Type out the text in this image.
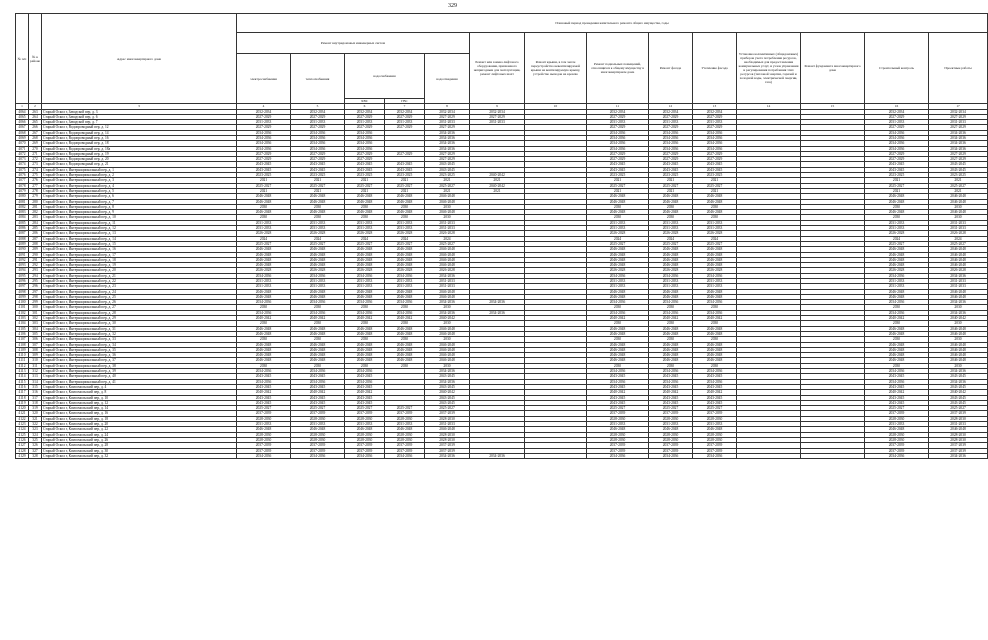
329
№ п/п	№ в районе	Адрес многоквартирного дома	Плановый период проведения капитального ремонта общего имущества, годы													
			Ремонт внутридомовых инженерных систем					Ремонт или замена лифтового оборудования, признанного непригодным для эксплуатации, ремонт лифтовых шахт	Ремонт крыши, в том числе переустройство невентилируемой крыши на вентилируемую крышу, устройство выходов на кровлю	Ремонт подвальных помещений, относящихся к общему имуществу в многоквартирном доме	Ремонт фасада	Утепление фасада	Установка коллективных (общедомовых) приборов учета потребления ресурсов, необходимых для предоставления коммунальных услуг, и узлов управления и регулирования потребления этих ресурсов (тепловой энергии, горячей и холодной воды, электрической энергии, газа)	Ремонт фундамента многоквартирного дома	Строительный контроль	Проектные работы
			электроснабжения	теплоснабжения	водоснабжения		водоотведения									
					ХВС	ГВС										
1	2	3	4	5	6	7	8	9	10	11	12	13	14	15	16	17
4064	263	Старый Оскол г, Заводской пер, д. 3	2032-2034	2032-2034	2032-2034	2032-2034	2032-2034	2032-2034		2032-2034	2032-2034	2032-2034			2032-2034	2032-2034
4065	264	Старый Оскол г, Заводской пер, д. 6	2027-2029	2027-2029	2027-2029	2027-2029	2027-2029	2027-2029		2027-2029	2027-2029	2027-2029			2027-2029	2027-2029
4066	265	Старый Оскол г, Заводской пер, д. 7	2031-2033	2031-2033	2031-2033	2031-2033	2031-2033	2031-2033		2031-2033	2031-2033	2031-2033			2031-2033	2031-2033
4067	266	Старый Оскол г, Водопроводный пер, д. 12	2027-2029	2027-2029	2027-2029	2027-2029	2027-2029			2027-2029	2027-2029	2027-2029			2027-2029	2027-2029
4068	267	Старый Оскол г, Водопроводный пер, д. 14	2034-2036	2034-2036	2034-2036		2034-2036			2034-2036	2034-2036	2034-2036			2034-2036	2034-2036
4069	268	Старый Оскол г, Водопроводный пер, д. 16	2034-2036	2034-2036	2034-2036		2034-2036			2034-2036	2034-2036	2034-2036			2034-2036	2034-2036
4070	269	Старый Оскол г, Водопроводный пер, д. 18	2034-2036	2034-2036	2034-2036		2034-2036			2034-2036	2034-2036	2034-2036			2034-2036	2034-2036
4071	270	Старый Оскол г, Водопроводный пер, д. 18а	2034-2036	2034-2036	2034-2036		2034-2036			2034-2036	2034-2036	2034-2036			2034-2036	2034-2036
4072	271	Старый Оскол г, Водопроводный пер, д. 19	2027-2029	2027-2029	2027-2029	2027-2029	2027-2029			2027-2029	2027-2029	2027-2029			2027-2029	2027-2029
4073	272	Старый Оскол г, Водопроводный пер, д. 20	2027-2029	2027-2029	2027-2029		2027-2029			2027-2029	2027-2029	2027-2029			2027-2029	2027-2029
4074	273	Старый Оскол г, Водопроводный пер, д. 21	2043-2045	2043-2045	2043-2045	2043-2045	2043-2045			2043-2045	2043-2045	2043-2045			2043-2045	2043-2045
4075	274	Старый Оскол г, Интернациональный пер, д. 1	2043-2045	2043-2045	2043-2045	2043-2045	2043-2045			2043-2045	2043-2045	2043-2045			2043-2045	2043-2045
4076	275	Старый Оскол г, Интернациональный пер, д. 2	2023-2025	2023-2025	2023-2025	2023-2025	2023-2025	2040-2042		2023-2025	2023-2025	2023-2025			2023-2025	2023-2025
4077	276	Старый Оскол г, Интернациональный пер, д. 3	2021	2021	2021	2021	2021	2021		2021	2021	2021			2021	2021
4078	277	Старый Оскол г, Интернациональный пер, д. 4	2025-2027	2025-2027	2025-2027	2025-2027	2025-2027	2040-2042		2025-2027	2025-2027	2025-2027			2025-2027	2025-2027
4079	278	Старый Оскол г, Интернациональный пер, д. 5	2021	2021	2021	2021	2021	2021		2021	2021	2021			2021	2021
4080	279	Старый Оскол г, Интернациональный пер, д. 6	2046-2048	2046-2048	2046-2048	2046-2048	2046-2048			2046-2048	2046-2048	2046-2048			2046-2048	2046-2048
4081	280	Старый Оскол г, Интернациональный пер, д. 7	2046-2048	2046-2048	2046-2048	2046-2048	2046-2048			2046-2048	2046-2048	2046-2048			2046-2048	2046-2048
4082	281	Старый Оскол г, Интернациональный пер, д. 8	2030	2030	2030	2030	2030			2030	2030	2030			2030	2030
4083	282	Старый Оскол г, Интернациональный пер, д. 9	2046-2048	2046-2048	2046-2048	2046-2048	2046-2048			2046-2048	2046-2048	2046-2048			2046-2048	2046-2048
4084	283	Старый Оскол г, Интернациональный пер, д. 10	2030	2030	2030	2030	2030			2030	2030	2030			2030	2030
4085	284	Старый Оскол г, Интернациональный пер, д. 11	2031-2033	2031-2033	2031-2033	2031-2033	2031-2033			2031-2033	2031-2033	2031-2033			2031-2033	2031-2033
4086	285	Старый Оскол г, Интернациональный пер, д. 12	2031-2033	2031-2033	2031-2033	2031-2033	2031-2033			2031-2033	2031-2033	2031-2033			2031-2033	2031-2033
4087	286	Старый Оскол г, Интернациональный пер, д. 13	2026-2028	2026-2028	2026-2028	2026-2028	2026-2028			2026-2028	2026-2028	2026-2028			2026-2028	2026-2028
4088	287	Старый Оскол г, Интернациональный пер, д. 14	2024	2024	2024	2024	2024			2024	2024	2024			2024	2024
4089	288	Старый Оскол г, Интернациональный пер, д. 15	2025-2027	2025-2027	2025-2027	2025-2027	2025-2027			2025-2027	2025-2027	2025-2027			2025-2027	2025-2027
4090	289	Старый Оскол г, Интернациональный пер, д. 16	2046-2048	2046-2048	2046-2048	2046-2048	2046-2048			2046-2048	2046-2048	2046-2048			2046-2048	2046-2048
4091	290	Старый Оскол г, Интернациональный пер, д. 17	2046-2048	2046-2048	2046-2048	2046-2048	2046-2048			2046-2048	2046-2048	2046-2048			2046-2048	2046-2048
4092	291	Старый Оскол г, Интернациональный пер, д. 18	2046-2048	2046-2048	2046-2048	2046-2048	2046-2048			2046-2048	2046-2048	2046-2048			2046-2048	2046-2048
4093	292	Старый Оскол г, Интернациональный пер, д. 19	2046-2048	2046-2048	2046-2048	2046-2048	2046-2048			2046-2048	2046-2048	2046-2048			2046-2048	2046-2048
4094	293	Старый Оскол г, Интернациональный пер, д. 20	2026-2028	2026-2028	2026-2028	2026-2028	2026-2028			2026-2028	2026-2028	2026-2028			2026-2028	2026-2028
4095	294	Старый Оскол г, Интернациональный пер, д. 21	2034-2036	2034-2036	2034-2036	2034-2036	2034-2036			2034-2036	2034-2036	2034-2036			2034-2036	2034-2036
4096	295	Старый Оскол г, Интернациональный пер, д. 22	2031-2033	2031-2033	2031-2033	2031-2033	2031-2033			2031-2033	2031-2033	2031-2033			2031-2033	2031-2033
4097	296	Старый Оскол г, Интернациональный пер, д. 23	2031-2033	2031-2033	2031-2033	2031-2033	2031-2033			2031-2033	2031-2033	2031-2033			2031-2033	2031-2033
4098	297	Старый Оскол г, Интернациональный пер, д. 24	2046-2048	2046-2048	2046-2048	2046-2048	2046-2048			2046-2048	2046-2048	2046-2048			2046-2048	2046-2048
4099	298	Старый Оскол г, Интернациональный пер, д. 25	2046-2048	2046-2048	2046-2048	2046-2048	2046-2048			2046-2048	2046-2048	2046-2048			2046-2048	2046-2048
4100	299	Старый Оскол г, Интернациональный пер, д. 26	2034-2036	2034-2036	2034-2036	2034-2036	2034-2036	2034-2036		2034-2036	2034-2036	2034-2036			2034-2036	2034-2036
4101	300	Старый Оскол г, Интернациональный пер, д. 27	2030	2030	2030	2030	2030			2030	2030	2030			2030	2030
4102	301	Старый Оскол г, Интернациональный пер, д. 28	2034-2036	2034-2036	2034-2036	2034-2036	2034-2036	2034-2036		2034-2036	2034-2036	2034-2036			2034-2036	2034-2036
4103	302	Старый Оскол г, Интернациональный пер, д. 29	2040-2042	2040-2042	2040-2042	2040-2042	2040-2042			2040-2042	2040-2042	2040-2042			2040-2042	2040-2042
4104	303	Старый Оскол г, Интернациональный пер, д. 30	2030	2030	2030	2030	2030			2030	2030	2030			2030	2030
4105	304	Старый Оскол г, Интернациональный пер, д. 31	2046-2048	2046-2048	2046-2048	2046-2048	2046-2048			2046-2048	2046-2048	2046-2048			2046-2048	2046-2048
4106	305	Старый Оскол г, Интернациональный пер, д. 32	2046-2048	2046-2048	2046-2048	2046-2048	2046-2048			2046-2048	2046-2048	2046-2048			2046-2048	2046-2048
4107	306	Старый Оскол г, Интернациональный пер, д. 33	2030	2030	2030	2030	2030			2030	2030	2030			2030	2030
4108	307	Старый Оскол г, Интернациональный пер, д. 34	2046-2048	2046-2048	2046-2048	2046-2048	2046-2048			2046-2048	2046-2048	2046-2048			2046-2048	2046-2048
4109	308	Старый Оскол г, Интернациональный пер, д. 35	2046-2048	2046-2048	2046-2048	2046-2048	2046-2048			2046-2048	2046-2048	2046-2048			2046-2048	2046-2048
4110	309	Старый Оскол г, Интернациональный пер, д. 36	2046-2048	2046-2048	2046-2048	2046-2048	2046-2048			2046-2048	2046-2048	2046-2048			2046-2048	2046-2048
4111	310	Старый Оскол г, Интернациональный пер, д. 37	2046-2048	2046-2048	2046-2048	2046-2048	2046-2048			2046-2048	2046-2048	2046-2048			2046-2048	2046-2048
4112	311	Старый Оскол г, Интернациональный пер, д. 38	2030	2030	2030	2030	2030			2030	2030	2030			2030	2030
4113	312	Старый Оскол г, Интернациональный пер, д. 39	2034-2036	2034-2036	2034-2036		2034-2036			2034-2036	2034-2036	2034-2036			2034-2036	2034-2036
4114	313	Старый Оскол г, Интернациональный пер, д. 40	2043-2045	2043-2045	2043-2045		2043-2045			2043-2045	2043-2045	2043-2045			2043-2045	2043-2045
4115	314	Старый Оскол г, Интернациональный пер, д. 41	2034-2036	2034-2036	2034-2036		2034-2036			2034-2036	2034-2036	2034-2036			2034-2036	2034-2036
4116	315	Старый Оскол г, Комсомольский пер, д. 4	2043-2045	2043-2045	2043-2045		2043-2045			2043-2045	2043-2045	2043-2045			2043-2045	2043-2045
4117	316	Старый Оскол г, Комсомольский пер, д. 8	2040-2042	2040-2042	2040-2042		2040-2042			2040-2042	2040-2042	2040-2042			2040-2042	2040-2042
4118	317	Старый Оскол г, Комсомольский пер, д. 10	2043-2045	2043-2045	2043-2045		2043-2045			2043-2045	2043-2045	2043-2045			2043-2045	2043-2045
4119	318	Старый Оскол г, Комсомольский пер, д. 12	2043-2045	2043-2045	2043-2045		2043-2045			2043-2045	2043-2045	2043-2045			2043-2045	2043-2045
4120	319	Старый Оскол г, Комсомольский пер, д. 14	2025-2027	2025-2027	2025-2027	2025-2027	2025-2027			2025-2027	2025-2027	2025-2027			2025-2027	2025-2027
4121	320	Старый Оскол г, Комсомольский пер, д. 16	2037-2039	2037-2039	2037-2039	2037-2039	2037-2039			2037-2039	2037-2039	2037-2039			2037-2039	2037-2039
4122	321	Старый Оскол г, Комсомольский пер, д. 18	2028-2030	2028-2030	2028-2030	2028-2030	2028-2030			2028-2030	2028-2030	2028-2030			2028-2030	2028-2030
4123	322	Старый Оскол г, Комсомольский пер, д. 20	2031-2033	2031-2033	2031-2033	2031-2033	2031-2033			2031-2033	2031-2033	2031-2033			2031-2033	2031-2033
4124	323	Старый Оскол г, Комсомольский пер, д. 22	2046-2048	2046-2048	2046-2048	2046-2048	2046-2048			2046-2048	2046-2048	2046-2048			2046-2048	2046-2048
4125	324	Старый Оскол г, Комсомольский пер, д. 24	2028-2030	2028-2030	2028-2030	2028-2030	2028-2030			2028-2030	2028-2030	2028-2030			2028-2030	2028-2030
4126	325	Старый Оскол г, Комсомольский пер, д. 26	2028-2030	2028-2030	2028-2030	2028-2030	2028-2030			2028-2030	2028-2030	2028-2030			2028-2030	2028-2030
4127	326	Старый Оскол г, Комсомольский пер, д. 28	2037-2039	2037-2039	2037-2039	2037-2039	2037-2039			2037-2039	2037-2039	2037-2039			2037-2039	2037-2039
4128	327	Старый Оскол г, Комсомольский пер, д. 30	2037-2039	2037-2039	2037-2039	2037-2039	2037-2039			2037-2039	2037-2039	2037-2039			2037-2039	2037-2039
4129	328	Старый Оскол г, Комсомольский пер, д. 32	2034-2036	2034-2036	2034-2036	2034-2036	2034-2036	2034-2036		2034-2036	2034-2036	2034-2036			2034-2036	2034-2036
